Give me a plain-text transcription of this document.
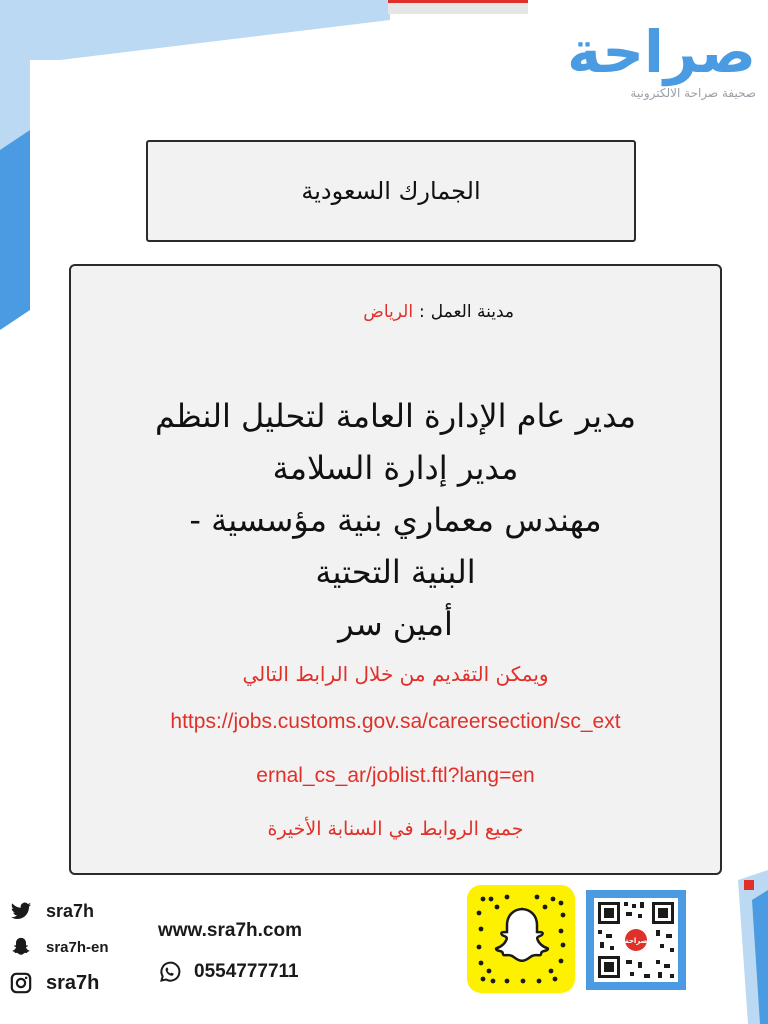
صراحة
صحيفة صراحة الالكترونية
الجمارك السعودية
مدينة العمل:الرياض
مدير عام الإدارة العامة لتحليل النظم
مدير إدارة السلامة
مهندس معماري بنية مؤسسية -
البنية التحتية
أمين سر
ويمكن التقديم من خلال الرابط التالي
https://jobs.customs.gov.sa/careersection/sc_ext
ernal_cs_ar/joblist.ftl?lang=en
جميع الروابط في السنابة الأخيرة
sra7h
sra7h-en
sra7h
www.sra7h.com
0554777711
صراحة
